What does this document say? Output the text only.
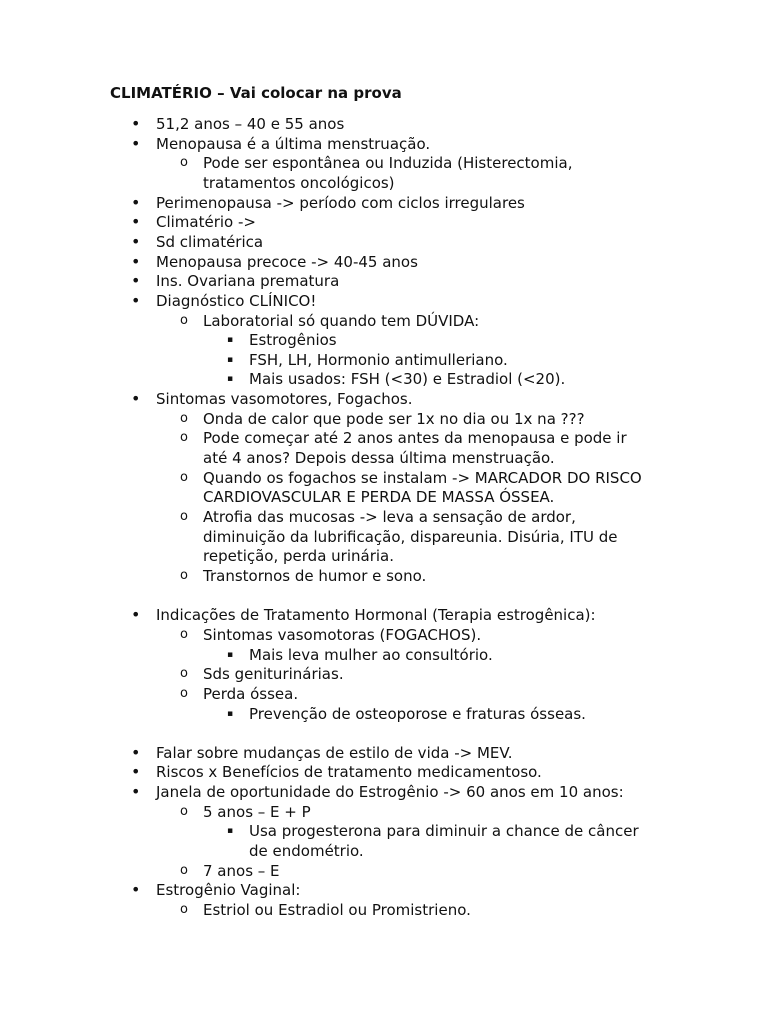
CLIMATÉRIO – Vai colocar na prova
• 51,2 anos – 40 e 55 anos
• Menopausa é a última menstruação.
o Pode ser espontânea ou Induzida (Histerectomia,
tratamentos oncológicos)
• Perimenopausa -> período com ciclos irregulares
• Climatério ->
• Sd climatérica
• Menopausa precoce -> 40-45 anos
• Ins. Ovariana prematura
• Diagnóstico CLÍNICO!
o Laboratorial só quando tem DÚVIDA:
▪ Estrogênios
▪ FSH, LH, Hormonio antimulleriano.
▪ Mais usados: FSH (<30) e Estradiol (<20).
• Sintomas vasomotores, Fogachos.
o Onda de calor que pode ser 1x no dia ou 1x na ???
o Pode começar até 2 anos antes da menopausa e pode ir
até 4 anos? Depois dessa última menstruação.
o Quando os fogachos se instalam -> MARCADOR DO RISCO
CARDIOVASCULAR E PERDA DE MASSA ÓSSEA.
o Atrofia das mucosas -> leva a sensação de ardor,
diminuição da lubrificação, dispareunia. Disúria, ITU de
repetição, perda urinária.
o Transtornos de humor e sono.
• Indicações de Tratamento Hormonal (Terapia estrogênica):
o Sintomas vasomotoras (FOGACHOS).
▪ Mais leva mulher ao consultório.
o Sds geniturinárias.
o Perda óssea.
▪ Prevenção de osteoporose e fraturas ósseas.
• Falar sobre mudanças de estilo de vida -> MEV.
• Riscos x Benefícios de tratamento medicamentoso.
• Janela de oportunidade do Estrogênio -> 60 anos em 10 anos:
o 5 anos – E + P
▪ Usa progesterona para diminuir a chance de câncer
de endométrio.
o 7 anos – E
• Estrogênio Vaginal:
o Estriol ou Estradiol ou Promistrieno.
